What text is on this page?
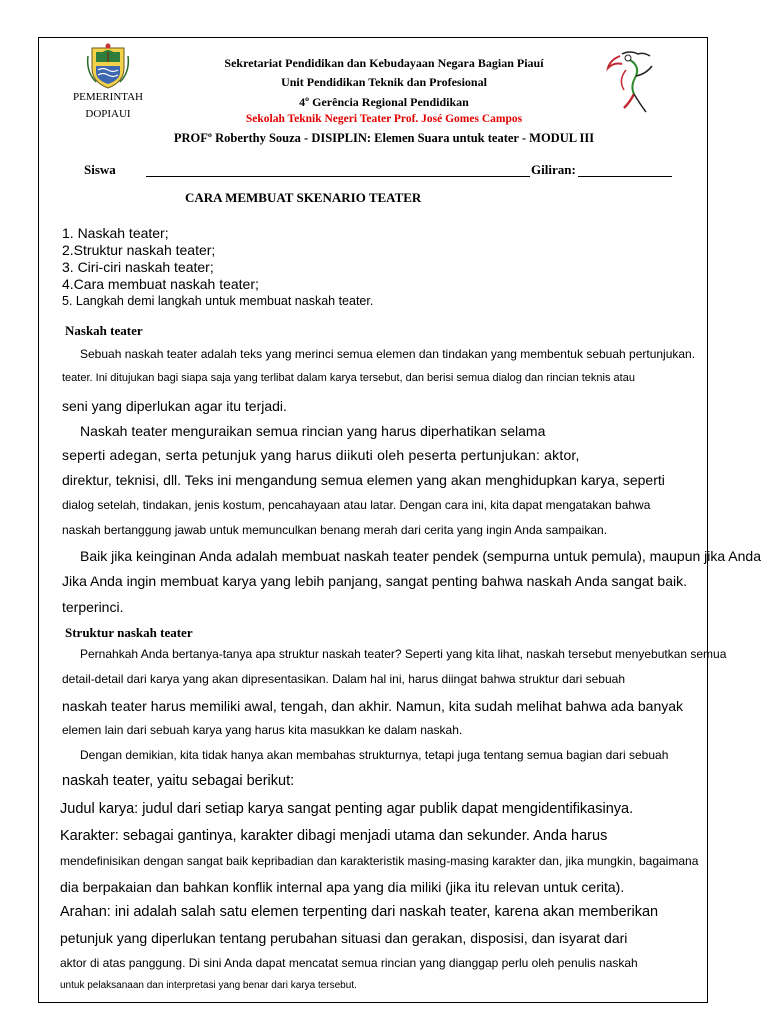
PEMERINTAH
DOPIAUI
Sekretariat Pendidikan dan Kebudayaan Negara Bagian Piauí
Unit Pendidikan Teknik dan Profesional
4º Gerência Regional Pendidikan
Sekolah Teknik Negeri Teater Prof. José Gomes Campos
PROFº Roberthy Souza - DISIPLIN: Elemen Suara untuk teater - MODUL III
Siswa	Giliran:
CARA MEMBUAT SKENARIO TEATER
1. Naskah teater;
2.Struktur naskah teater;
3. Ciri-ciri naskah teater;
4.Cara membuat naskah teater;
5. Langkah demi langkah untuk membuat naskah teater.
Naskah teater
Sebuah naskah teater adalah teks yang merinci semua elemen dan tindakan yang membentuk sebuah pertunjukan.
teater. Ini ditujukan bagi siapa saja yang terlibat dalam karya tersebut, dan berisi semua dialog dan rincian teknis atau
seni yang diperlukan agar itu terjadi.
Naskah teater menguraikan semua rincian yang harus diperhatikan selama
seperti adegan, serta petunjuk yang harus diikuti oleh peserta pertunjukan: aktor,
direktur, teknisi, dll. Teks ini mengandung semua elemen yang akan menghidupkan karya, seperti
dialog setelah, tindakan, jenis kostum, pencahayaan atau latar. Dengan cara ini, kita dapat mengatakan bahwa
naskah bertanggung jawab untuk memunculkan benang merah dari cerita yang ingin Anda sampaikan.
Baik jika keinginan Anda adalah membuat naskah teater pendek (sempurna untuk pemula), maupun jika Anda
Jika Anda ingin membuat karya yang lebih panjang, sangat penting bahwa naskah Anda sangat baik.
terperinci.
Struktur naskah teater
Pernahkah Anda bertanya-tanya apa struktur naskah teater? Seperti yang kita lihat, naskah tersebut menyebutkan semua
detail-detail dari karya yang akan dipresentasikan. Dalam hal ini, harus diingat bahwa struktur dari sebuah
naskah teater harus memiliki awal, tengah, dan akhir. Namun, kita sudah melihat bahwa ada banyak
elemen lain dari sebuah karya yang harus kita masukkan ke dalam naskah.
Dengan demikian, kita tidak hanya akan membahas strukturnya, tetapi juga tentang semua bagian dari sebuah
naskah teater, yaitu sebagai berikut:
Judul karya: judul dari setiap karya sangat penting agar publik dapat mengidentifikasinya.
Karakter: sebagai gantinya, karakter dibagi menjadi utama dan sekunder. Anda harus
mendefinisikan dengan sangat baik kepribadian dan karakteristik masing-masing karakter dan, jika mungkin, bagaimana
dia berpakaian dan bahkan konflik internal apa yang dia miliki (jika itu relevan untuk cerita).
Arahan: ini adalah salah satu elemen terpenting dari naskah teater, karena akan memberikan
petunjuk yang diperlukan tentang perubahan situasi dan gerakan, disposisi, dan isyarat dari
aktor di atas panggung. Di sini Anda dapat mencatat semua rincian yang dianggap perlu oleh penulis naskah
untuk pelaksanaan dan interpretasi yang benar dari karya tersebut.
